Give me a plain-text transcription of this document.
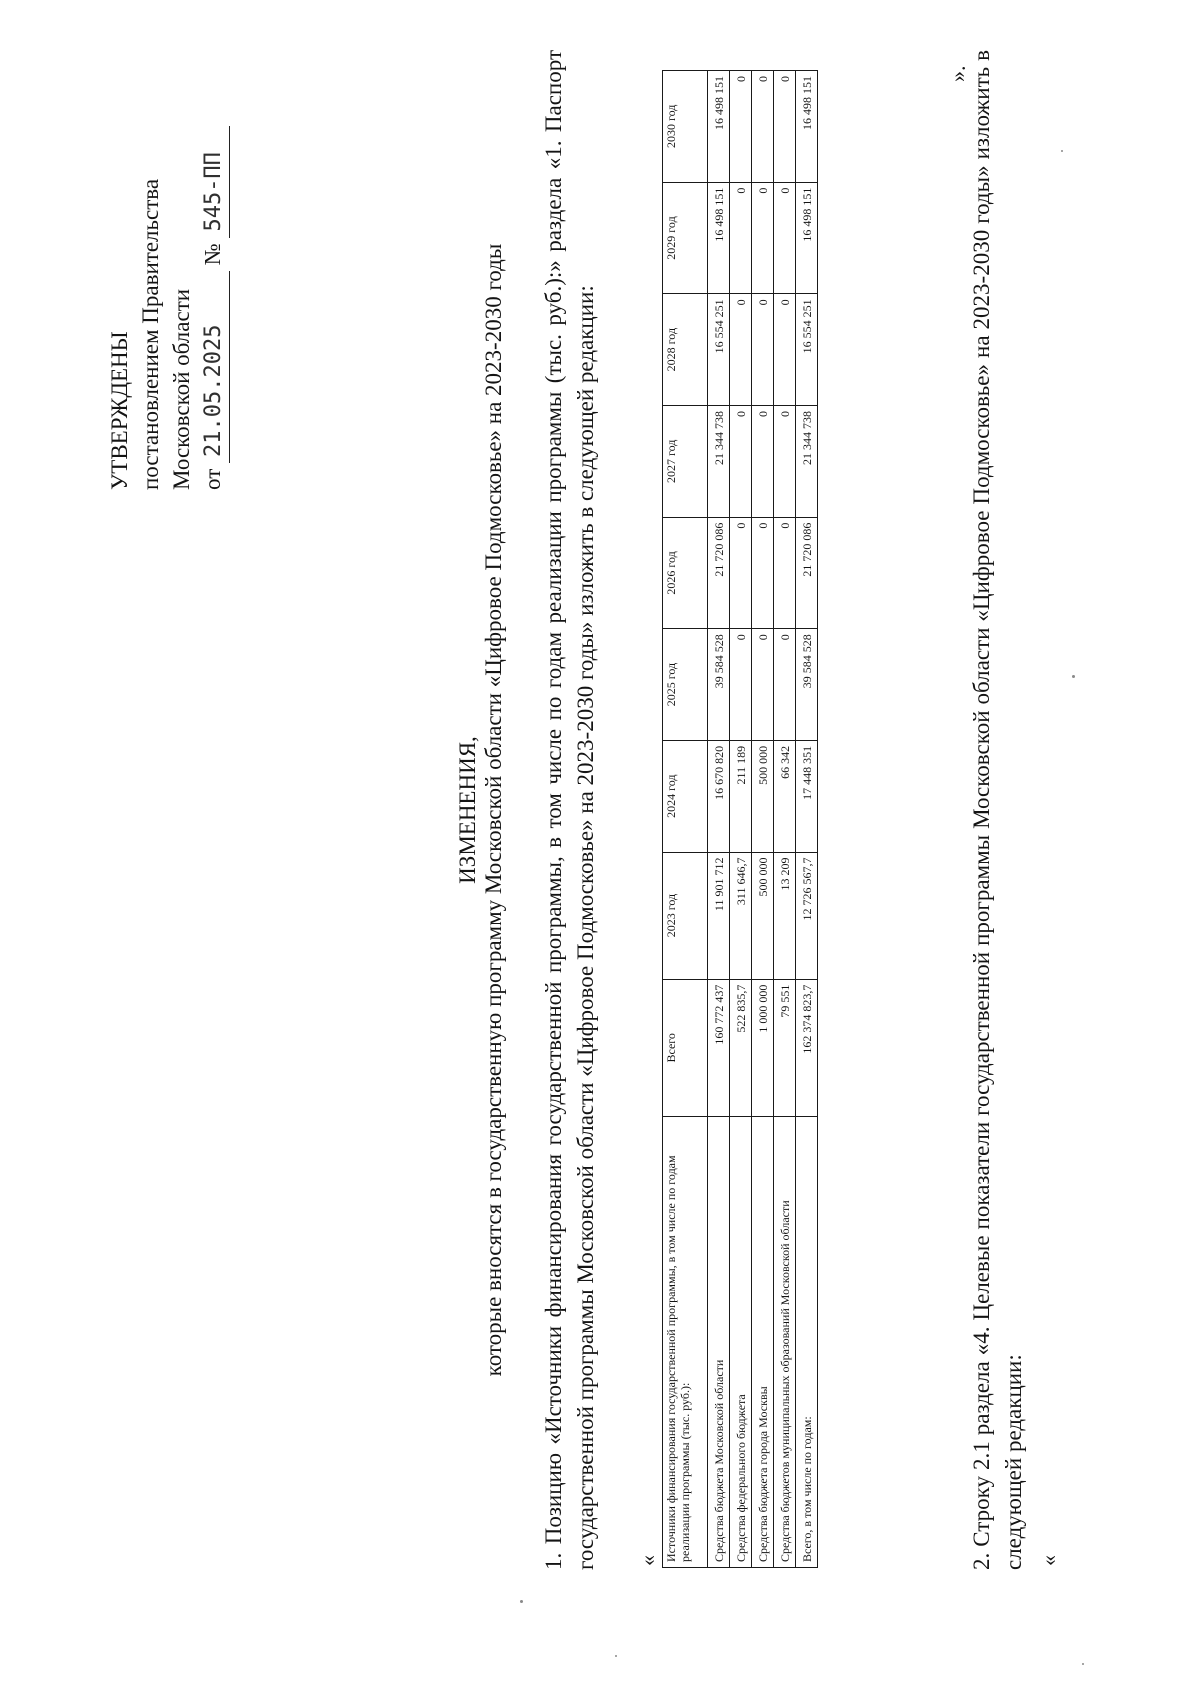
УТВЕРЖДЕНЫ постановлением Правительства Московской области от 21.05.2025 № 545-ПП
ИЗМЕНЕНИЯ, которые вносятся в государственную программу Московской области «Цифровое Подмосковье» на 2023-2030 годы 1. Позицию «Источники финансирования государственной программы, в том числе по годам реализации программы (тыс. руб.):» раздела «1. Паспорт государственной программы Московской области «Цифровое Подмосковье» на 2023-2030 годы» изложить в следующей редакции: « Источники финансирования государственной программы, в том числе по годам реализации программы (тыс. руб.):	Всего	2023 год	2024 год	2025 год	2026 год	2027 год	2028 год	2029 год	2030 год
Средства бюджета Московской области	160 772 437	11 901 712	16 670 820	39 584 528	21 720 086	21 344 738	16 554 251	16 498 151	16 498 151
Средства федерального бюджета	522 835,7	311 646,7	211 189	0	0	0	0	0	0
Средства бюджета города Москвы	1 000 000	500 000	500 000	0	0	0	0	0	0
Средства бюджетов муниципальных образований Московской области	79 551	13 209	66 342	0	0	0	0	0	0
Всего, в том числе по годам:	162 374 823,7	12 726 567,7	17 448 351	39 584 528	21 720 086	21 344 738	16 554 251	16 498 151	16 498 151
». 2. Строку 2.1 раздела «4. Целевые показатели государственной программы Московской области «Цифровое Подмосковье» на 2023-2030 годы» изложить в следующей редакции: «
